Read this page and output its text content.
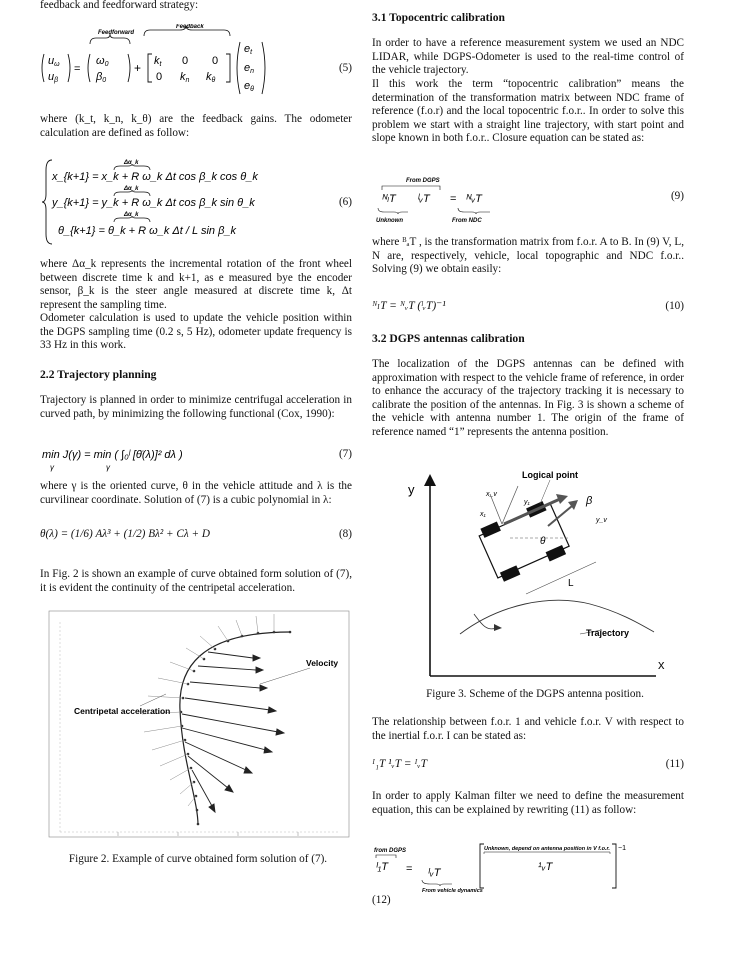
feedback and feedforward strategy:
Feedforward
Feedback
uω
uβ
=
ω0
β0
+ kt 0 0
0 kn kθ
et
en
eθ
(5)
where (k_t, k_n, k_θ) are the feedback gains. The odometer calculation are defined as follow:
Δα_k
Δα_k
Δα_k
x_{k+1} = x_k + R ω_k Δt cos β_k cos θ_k
y_{k+1} = y_k + R ω_k Δt cos β_k sin θ_k
θ_{k+1} = θ_k + R ω_k Δt / L sin β_k
(6)
where Δα_k represents the incremental rotation of the front wheel between discrete time k and k+1, as e measured bye the encoder sensor, β_k is the steer angle measured at discrete time k, Δt represent the sampling time.
Odometer calculation is used to update the vehicle position within the DGPS sampling time (0.2 s, 5 Hz), odometer update frequency is 33 Hz in this work.
2.2 Trajectory planning
Trajectory is planned in order to minimize centrifugal acceleration in curved path, by minimizing the following functional (Cox, 1990):
min J(γ) = min ( ∫₀ˡ [θ̈(λ)]² dλ )
γ	γ
(7)
where γ is the oriented curve, θ in the vehicle attitude and λ is the curvilinear coordinate. Solution of (7) is a cubic polynomial in λ:
θ(λ) = (1/6) Aλ³ + (1/2) Bλ² + Cλ + D	(8)
In Fig. 2 is shown an example of curve obtained form solution of (7), it is evident the continuity of the centripetal acceleration.
Velocity
Centripetal acceleration
Figure 2. Example of curve obtained form solution of (7).
3.1 Topocentric calibration
In order to have a reference measurement system we used an NDC LIDAR, while DGPS-Odometer is used to the real-time control of the vehicle trajectory.
Il this work the term “topocentric calibration” means the determination of the transformation matrix between NDC frame of reference (f.o.r) and the local topocentric f.o.r.. In order to solve this problem we start with a straight line trajectory, with start point and slope known in both f.o.r.. Closure equation can be stated as:
From DGPS
ᴺₗT ˡᵥT = ᴺᵥT
Unknown	From NDC
(9)
where ᴮₐT , is the transformation matrix from f.o.r. A to B. In (9) V, L, N are, respectively, vehicle, local topographic and NDC f.o.r.. Solving (9) we obtain easily:
ᴺₗT = ᴺᵥT (ˡᵥT)⁻¹	(10)
3.2 DGPS antennas calibration
The localization of the DGPS antennas can be defined with approximation with respect to the vehicle frame of reference, in order to enhance the accuracy of the trajectory tracking it is necessary to calibrate the position of the antennas. In Fig. 3 is shown a scheme of the vehicle with antenna number 1. The origin of the frame of reference named “1” represents the antenna position.
y
Trajectory
Logical point
β
θ
L
x_v
y_v
x₁
y₁
x
Figure 3. Scheme of the DGPS antenna position.
The relationship between f.o.r. 1 and vehicle f.o.r. V with respect to the inertial f.o.r. I can be stated as:
ᴵ₁T ¹ᵥT = ᴵᵥT	(11)
In order to apply Kalman filter we need to define the measurement equation, this can be explained by rewriting (11) as follow:
from DGPS
ᴵ₁T = ᴵᵥT
From vehicle dynamics
Unknown, depend on antenna position in V f.o.r.
¹ᵥT
−1
(12)
